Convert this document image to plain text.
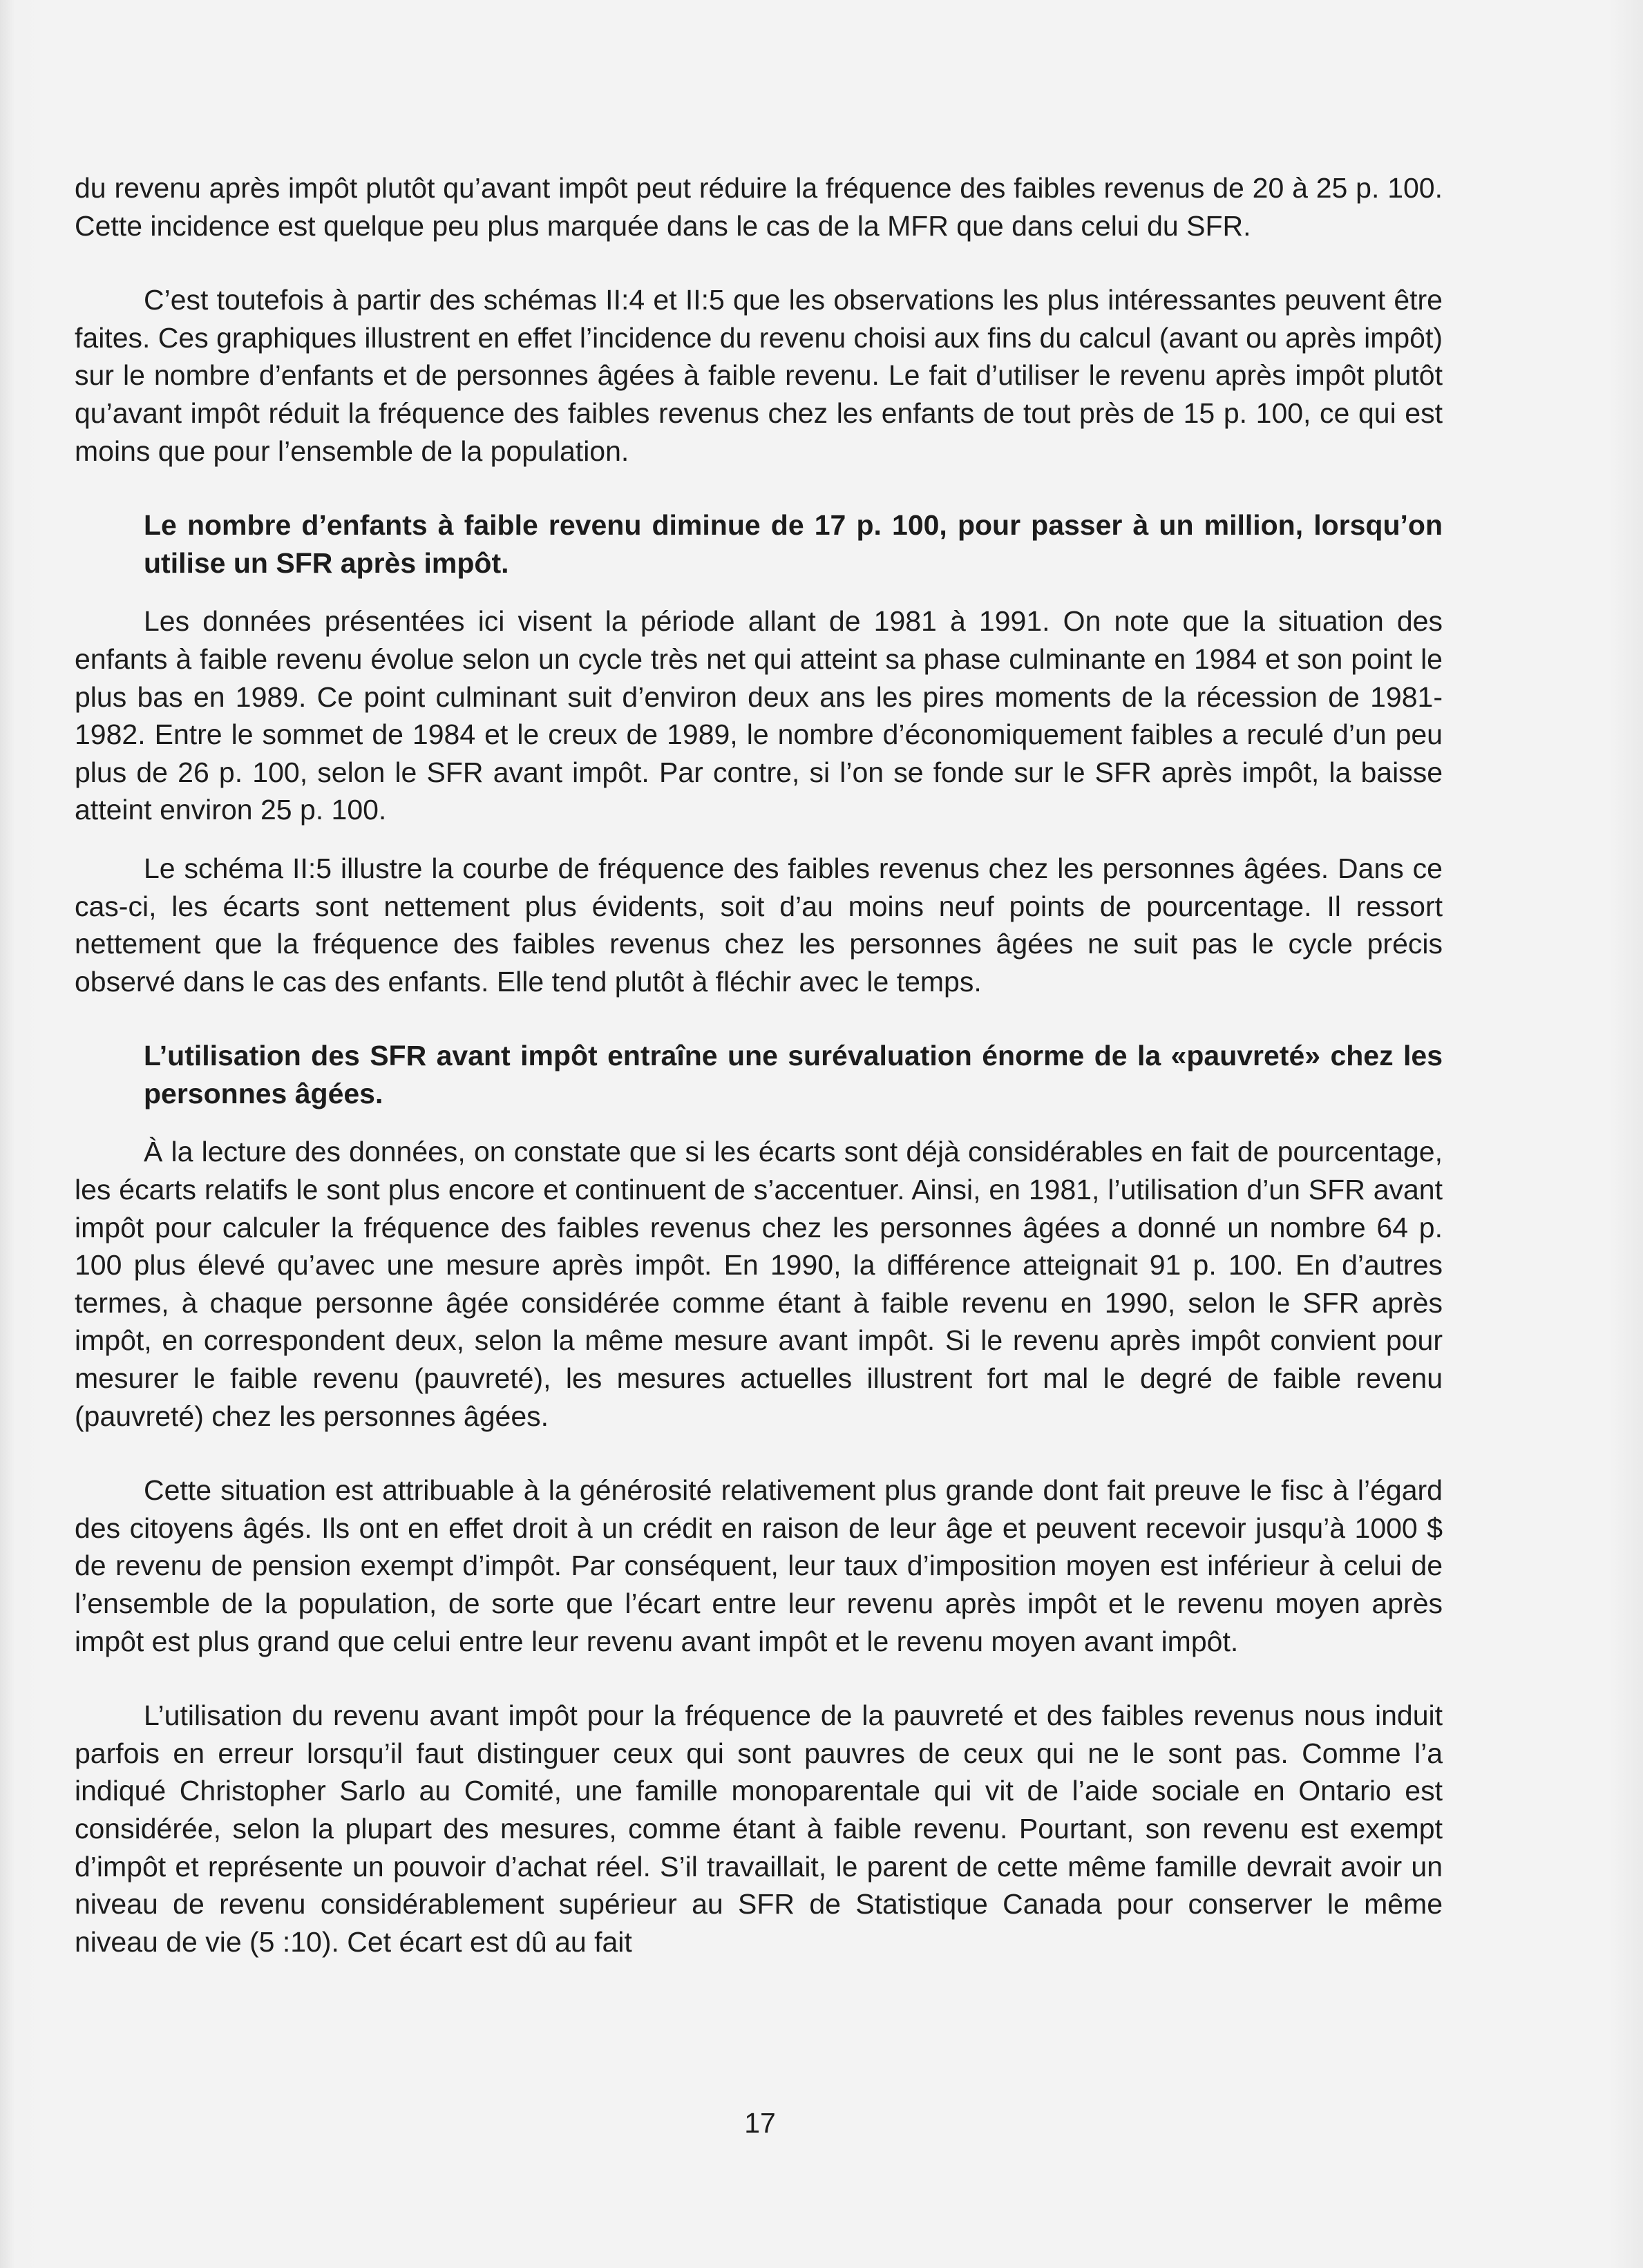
du revenu après impôt plutôt qu’avant impôt peut réduire la fréquence des faibles revenus de 20 à 25 p. 100. Cette incidence est quelque peu plus marquée dans le cas de la MFR que dans celui du SFR.

C’est toutefois à partir des schémas II:4 et II:5 que les observations les plus intéressantes peuvent être faites. Ces graphiques illustrent en effet l’incidence du revenu choisi aux fins du calcul (avant ou après impôt) sur le nombre d’enfants et de personnes âgées à faible revenu. Le fait d’utiliser le revenu après impôt plutôt qu’avant impôt réduit la fréquence des faibles revenus chez les enfants de tout près de 15 p. 100, ce qui est moins que pour l’ensemble de la population.

Le nombre d’enfants à faible revenu diminue de 17 p. 100, pour passer à un million, lorsqu’on utilise un SFR après impôt.

Les données présentées ici visent la période allant de 1981 à 1991. On note que la situation des enfants à faible revenu évolue selon un cycle très net qui atteint sa phase culminante en 1984 et son point le plus bas en 1989. Ce point culminant suit d’environ deux ans les pires moments de la récession de 1981-1982. Entre le sommet de 1984 et le creux de 1989, le nombre d’économiquement faibles a reculé d’un peu plus de 26 p. 100, selon le SFR avant impôt. Par contre, si l’on se fonde sur le SFR après impôt, la baisse atteint environ 25 p. 100.

Le schéma II:5 illustre la courbe de fréquence des faibles revenus chez les personnes âgées. Dans ce cas-ci, les écarts sont nettement plus évidents, soit d’au moins neuf points de pourcentage. Il ressort nettement que la fréquence des faibles revenus chez les personnes âgées ne suit pas le cycle précis observé dans le cas des enfants. Elle tend plutôt à fléchir avec le temps.

L’utilisation des SFR avant impôt entraîne une surévaluation énorme de la «pauvreté» chez les personnes âgées.

À la lecture des données, on constate que si les écarts sont déjà considérables en fait de pourcentage, les écarts relatifs le sont plus encore et continuent de s’accentuer. Ainsi, en 1981, l’utilisation d’un SFR avant impôt pour calculer la fréquence des faibles revenus chez les personnes âgées a donné un nombre 64 p. 100 plus élevé qu’avec une mesure après impôt. En 1990, la différence atteignait 91 p. 100. En d’autres termes, à chaque personne âgée considérée comme étant à faible revenu en 1990, selon le SFR après impôt, en correspondent deux, selon la même mesure avant impôt. Si le revenu après impôt convient pour mesurer le faible revenu (pauvreté), les mesures actuelles illustrent fort mal le degré de faible revenu (pauvreté) chez les personnes âgées.

Cette situation est attribuable à la générosité relativement plus grande dont fait preuve le fisc à l’égard des citoyens âgés. Ils ont en effet droit à un crédit en raison de leur âge et peuvent recevoir jusqu’à 1000 $ de revenu de pension exempt d’impôt. Par conséquent, leur taux d’imposition moyen est inférieur à celui de l’ensemble de la population, de sorte que l’écart entre leur revenu après impôt et le revenu moyen après impôt est plus grand que celui entre leur revenu avant impôt et le revenu moyen avant impôt.

L’utilisation du revenu avant impôt pour la fréquence de la pauvreté et des faibles revenus nous induit parfois en erreur lorsqu’il faut distinguer ceux qui sont pauvres de ceux qui ne le sont pas. Comme l’a indiqué Christopher Sarlo au Comité, une famille monoparentale qui vit de l’aide sociale en Ontario est considérée, selon la plupart des mesures, comme étant à faible revenu. Pourtant, son revenu est exempt d’impôt et représente un pouvoir d’achat réel. S’il travaillait, le parent de cette même famille devrait avoir un niveau de revenu considérablement supérieur au SFR de Statistique Canada pour conserver le même niveau de vie (5 :10). Cet écart est dû au fait

17
